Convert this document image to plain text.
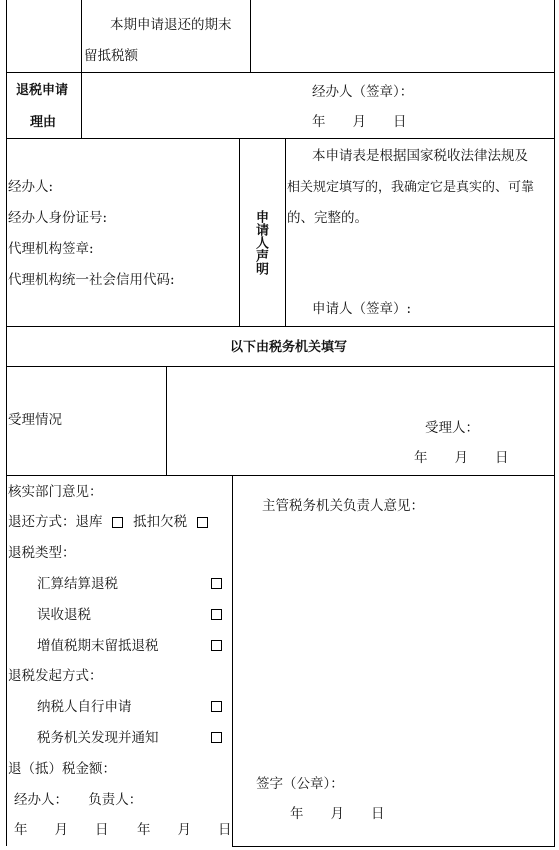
本期申请退还的期末
留抵税额
退税申请
理由
经办人（签章）：
年　　月　　日
经办人:
经办人身份证号:
代理机构签章:
代理机构统一社会信用代码:
申请人声明
本申请表是根据国家税收法律法规及
相关规定填写的，我确定它是真实的、可靠
的、完整的。
申请人（签章）:
以下由税务机关填写
受理情况	受理人：
年　　月　　日
核实部门意见：
退还方式：退库 抵扣欠税
退税类型：
汇算结算退税
误收退税
增值税期末留抵退税
退税发起方式：
纳税人自行申请
税务机关发现并通知
退（抵）税金额：
经办人：　　负责人：
年　　月　　日 年　　月　　日
主管税务机关负责人意见：
签字（公章）：
年　　月　　日
